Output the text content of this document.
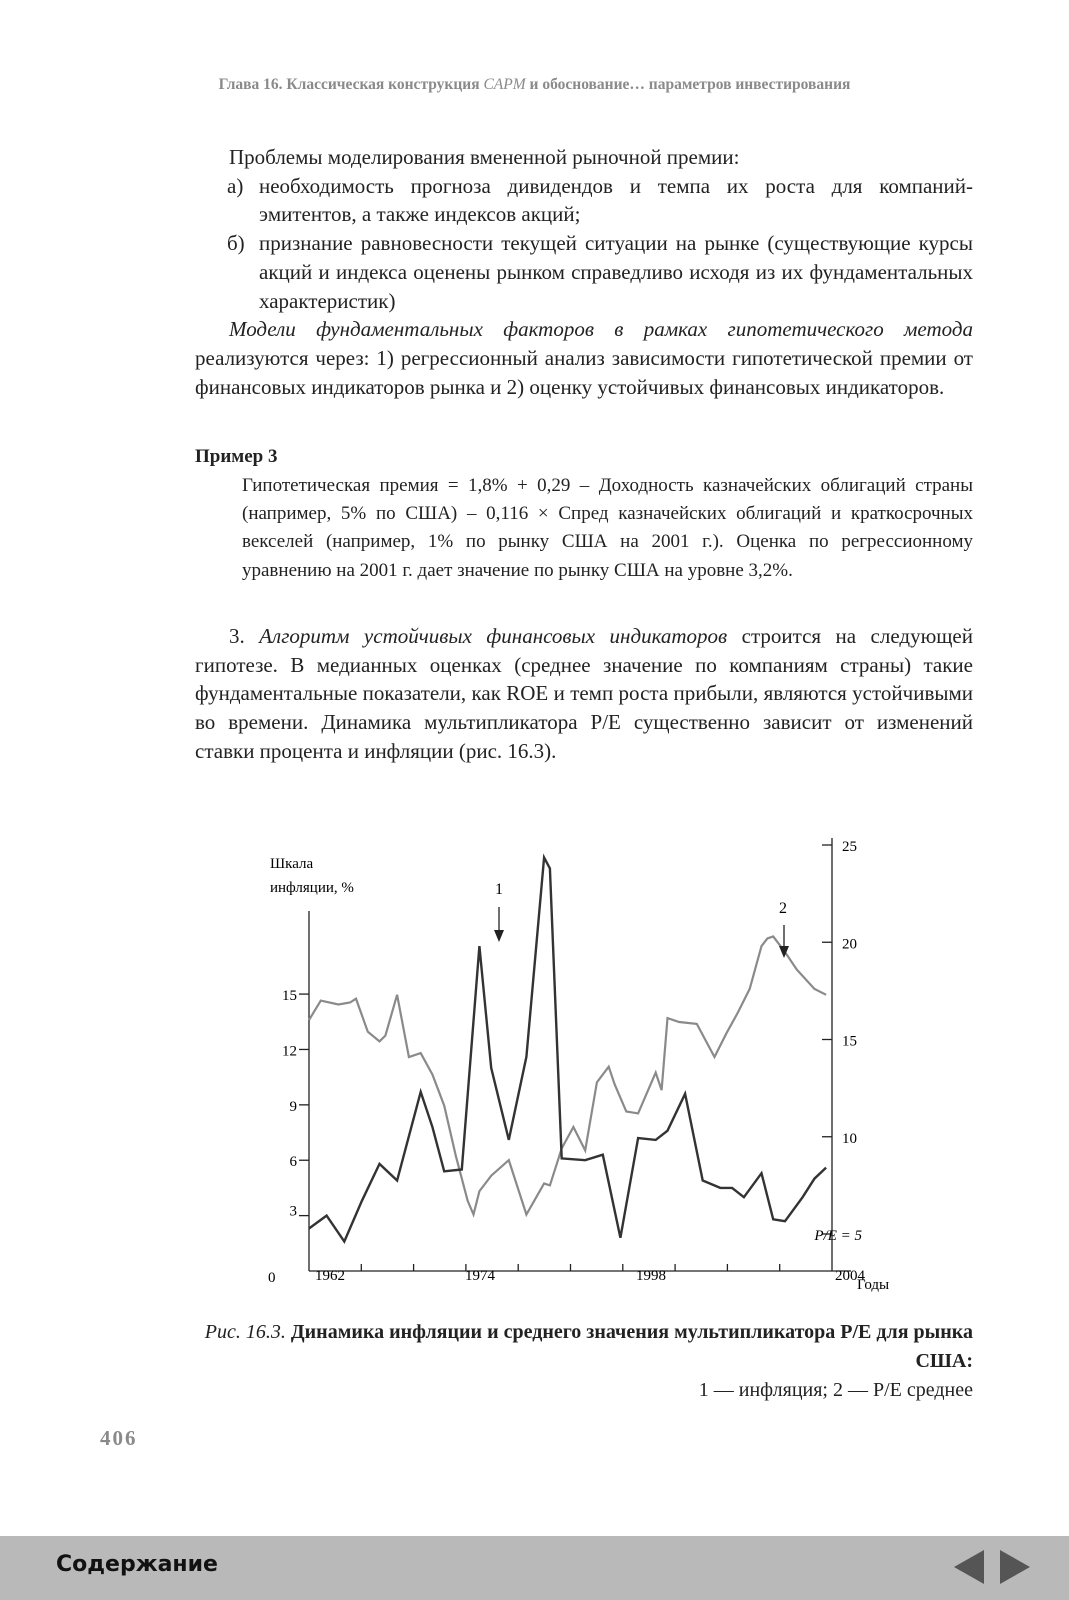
Глава 16. Классическая конструкция CAPM и обоснование… параметров инвестирования

Проблемы моделирования вмененной рыночной премии:

а) необходимость прогноза дивидендов и темпа их роста для компаний-эмитентов, а также индексов акций;

б) признание равновесности текущей ситуации на рынке (существующие курсы акций и индекса оценены рынком справедливо исходя из их фундаментальных характеристик)

Модели фундаментальных факторов в рамках гипотетического метода реализуются через: 1) регрессионный анализ зависимости гипотетической премии от финансовых индикаторов рынка и 2) оценку устойчивых финансовых индикаторов.

Пример 3
Гипотетическая премия = 1,8% + 0,29 – Доходность казначейских облигаций страны (например, 5% по США) – 0,116 × Спред казначейских облигаций и краткосрочных векселей (например, 1% по рынку США на 2001 г.). Оценка по регрессионному уравнению на 2001 г. дает значение по рынку США на уровне 3,2%.

3. Алгоритм устойчивых финансовых индикаторов строится на следующей гипотезе. В медианных оценках (среднее значение по компаниям страны) такие фундаментальные показатели, как ROE и темп роста прибыли, являются устойчивыми во времени. Динамика мультипликатора P/E существенно зависит от изменений ставки процента и инфляции (рис. 16.3).

3
6
9
12
15
P/E = 5
10
15
20
25
1962	1974	1998	2004
Шкала
инфляции, %
Годы
0
1
2
Рис. 16.3. Динамика инфляции и среднего значения мультипликатора P/E для рынка США:
1 — инфляция; 2 — P/E среднее
406
Содержание
